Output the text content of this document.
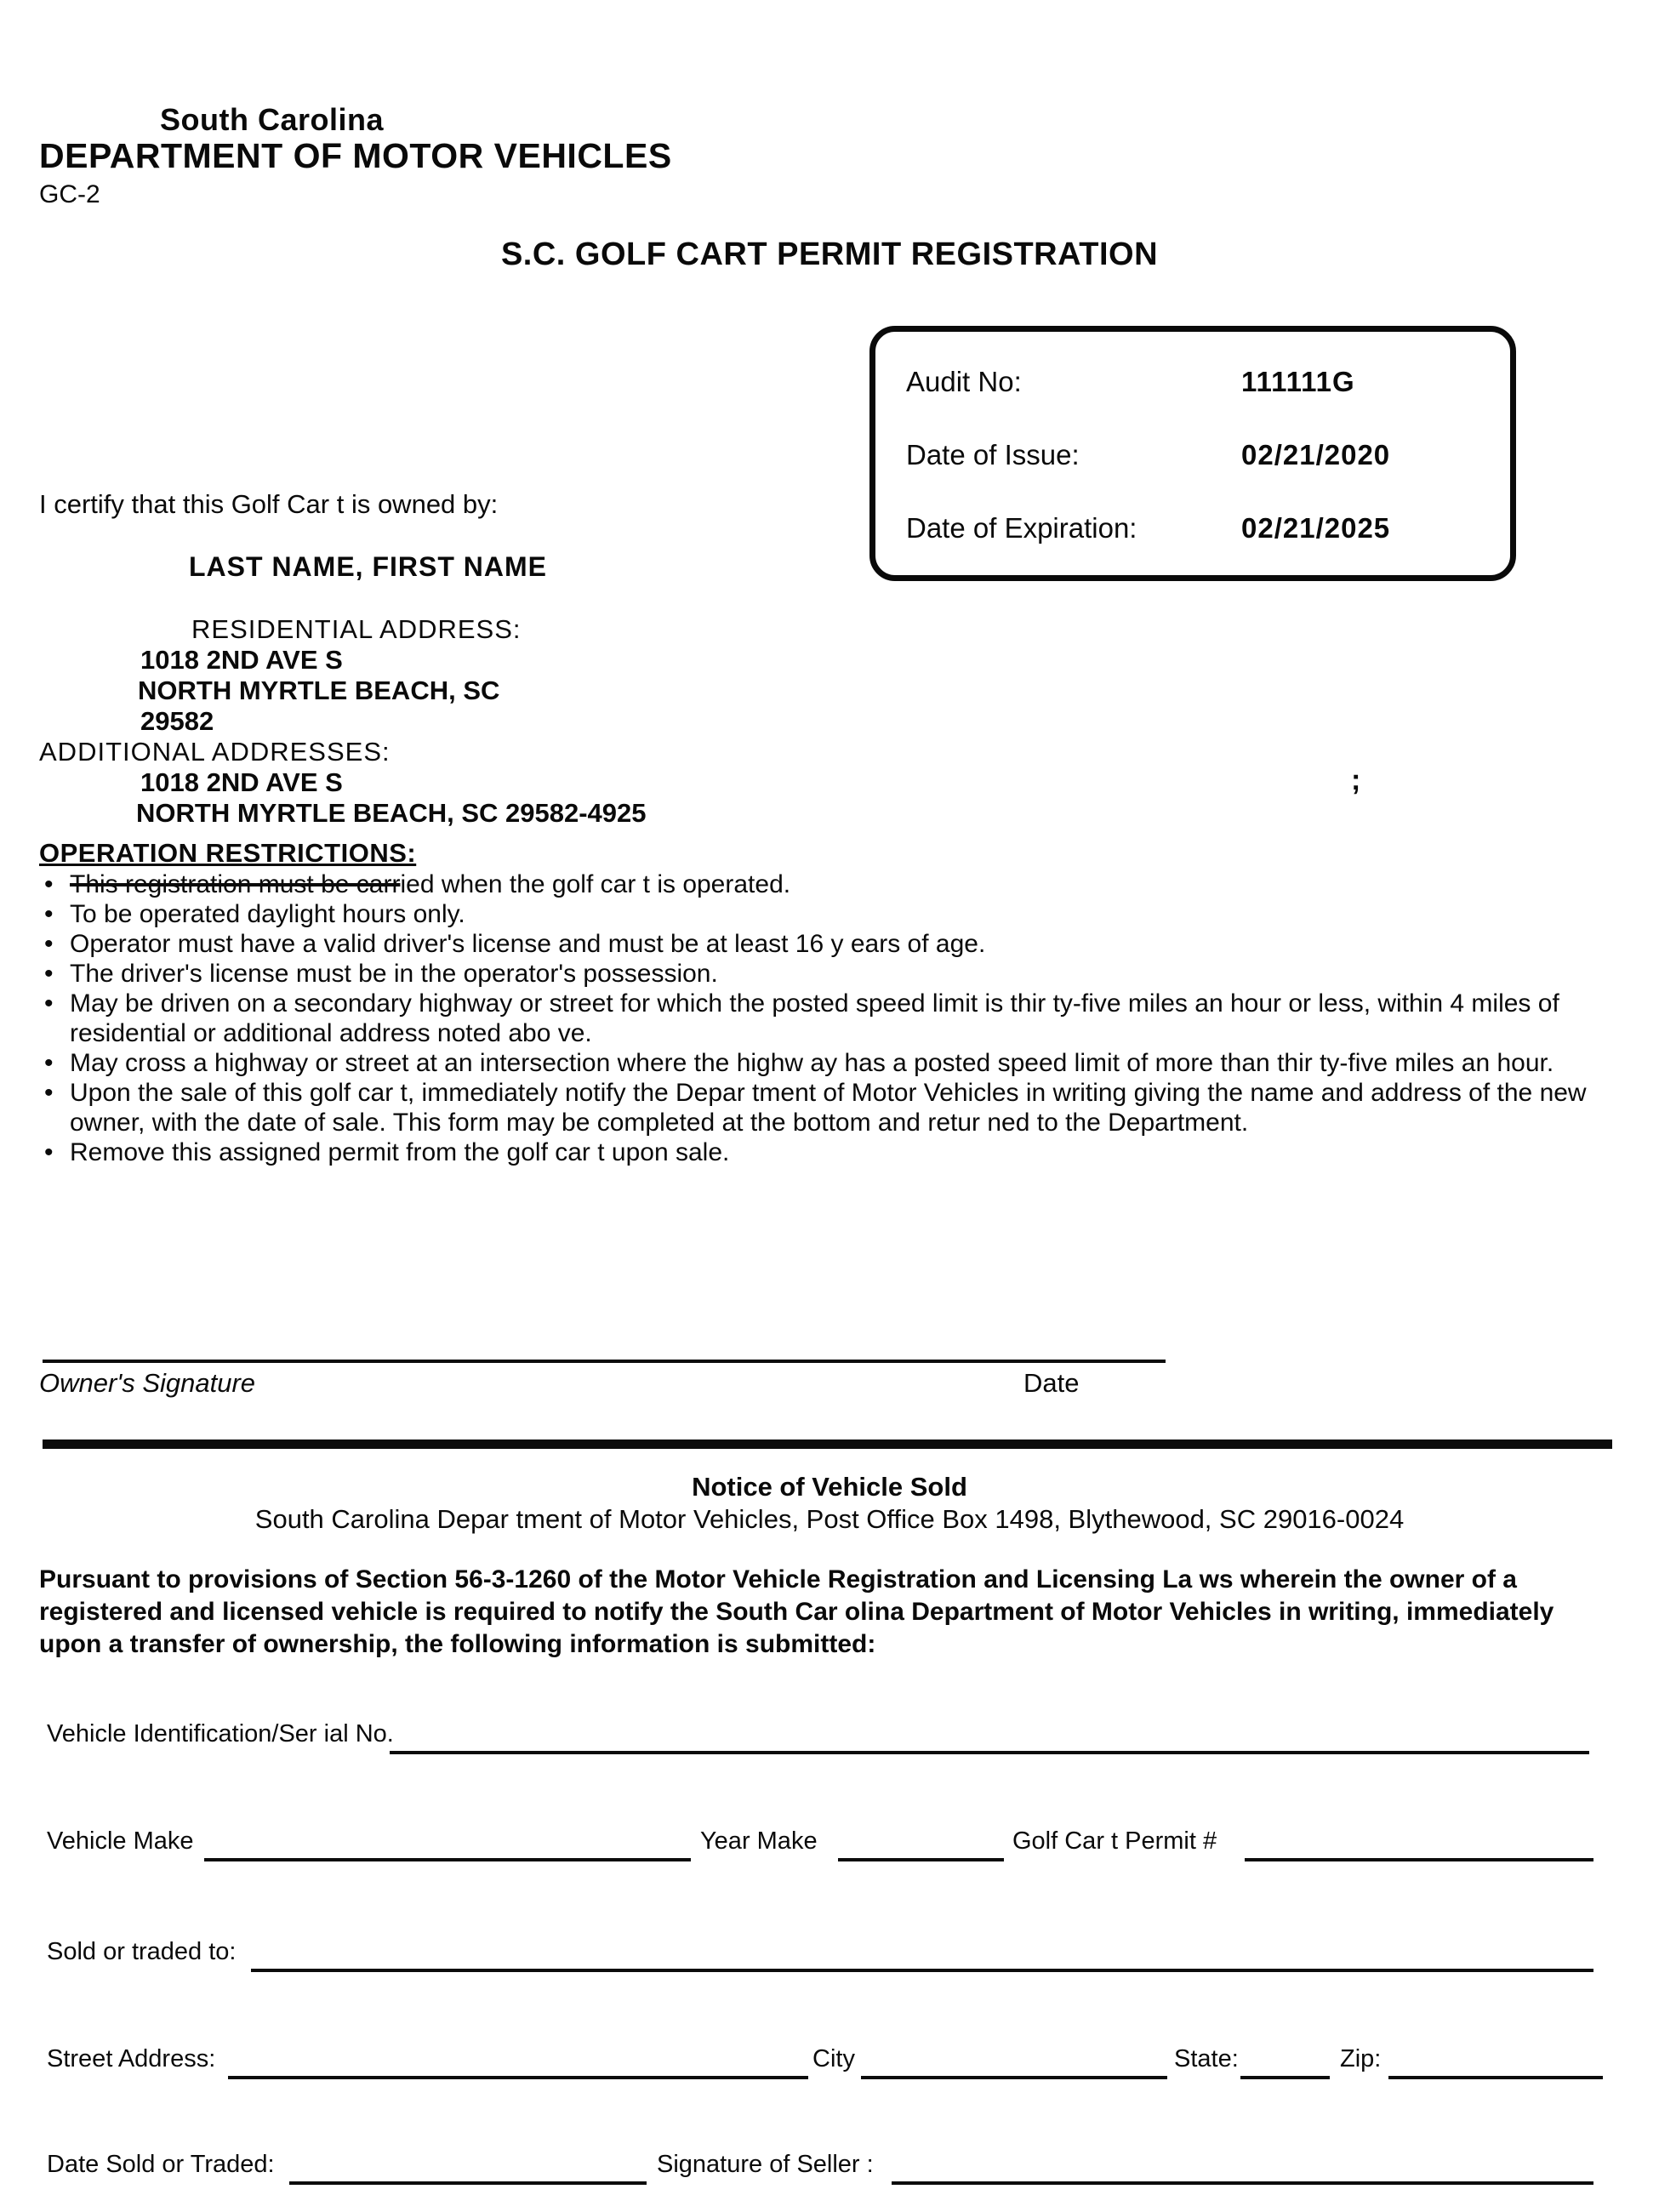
South Carolina
DEPARTMENT OF MOTOR VEHICLES
GC-2
S.C. GOLF CART PERMIT REGISTRATION
Audit No:	111111G
Date of Issue:	02/21/2020
Date of Expiration:	02/21/2025
I certify that this Golf Car t is owned by:
LAST NAME, FIRST NAME
RESIDENTIAL ADDRESS:
1018 2ND AVE S
NORTH MYRTLE BEACH, SC
29582
ADDITIONAL ADDRESSES:
1018 2ND AVE S
NORTH MYRTLE BEACH, SC 29582-4925
;
OPERATION RESTRICTIONS:
• This registration must be carried when the golf car t is operated.
• To be operated daylight hours only.
• Operator must have a valid driver's license and must be at least 16 y ears of age.
• The driver's license must be in the operator's possession.
• May be driven on a secondary highway or street for which the posted speed limit is thir ty-five miles an hour or less, within 4 miles of residential or additional address noted abo ve.
• May cross a highway or street at an intersection where the highw ay has a posted speed limit of more than thir ty-five miles an hour.
• Upon the sale of this golf car t, immediately notify the Depar tment of Motor Vehicles in writing giving the name and address of the new owner, with the date of sale. This form may be completed at the bottom and retur ned to the Department.
• Remove this assigned permit from the golf car t upon sale.
Owner's Signature	Date
Notice of Vehicle Sold
South Carolina Depar tment of Motor Vehicles, Post Office Box 1498, Blythewood, SC 29016-0024
Pursuant to provisions of Section 56-3-1260 of the Motor Vehicle Registration and Licensing La ws wherein the owner of a registered and licensed vehicle is required to notify the South Car olina Department of Motor Vehicles in writing, immediately upon a transfer of ownership, the following information is submitted:
Vehicle Identification/Ser ial No.
Vehicle Make	Year Make	Golf Car t Permit #
Sold or traded to:
Street Address:	City	State:	Zip:
Date Sold or Traded:	Signature of Seller :
